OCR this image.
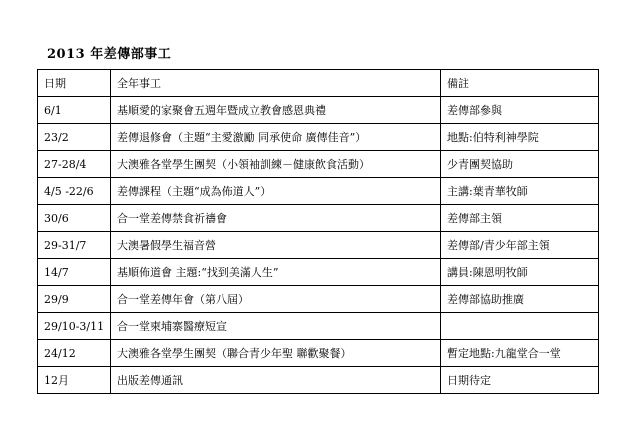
2013 年差傳部事工
日期	全年事工	備註
6/1	基順愛的家聚會五週年暨成立教會感恩典禮	差傳部參與
23/2	差傳退修會（主題“主愛激勵 同承使命 廣傳佳音”）	地點:伯特利神學院
27-28/4	大澳雅各堂學生團契（小領袖訓練－健康飲食活動）	少青團契協助
4/5 -22/6	差傳課程（主題“成為佈道人”）	主講:葉青華牧師
30/6	合一堂差傳禁食祈禱會	差傳部主領
29-31/7	大澳暑假學生福音營	差傳部/青少年部主領
14/7	基順佈道會 主題:“找到美滿人生”	講員:陳恩明牧師
29/9	合一堂差傳年會（第八屆）	差傳部協助推廣
29/10-3/11	合一堂柬埔寨醫療短宣	
24/12	大澳雅各堂學生團契（聯合青少年聖 聯歡聚餐）	暫定地點:九龍堂合一堂
12月	出版差傳通訊	日期待定
